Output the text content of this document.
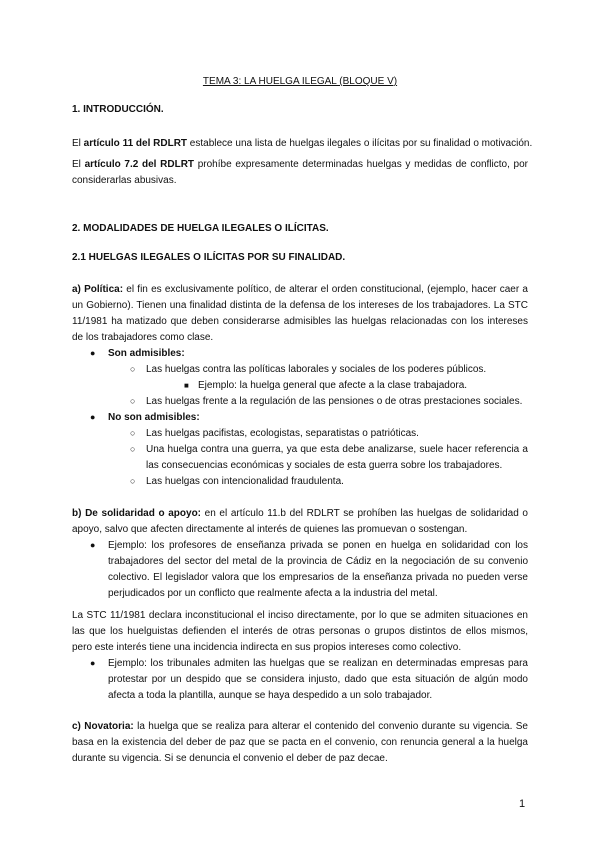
TEMA 3: LA HUELGA ILEGAL (BLOQUE V)
1. INTRODUCCIÓN.
El artículo 11 del RDLRT establece una lista de huelgas ilegales o ilícitas por su finalidad o motivación.
El artículo 7.2 del RDLRT prohíbe expresamente determinadas huelgas y medidas de conflicto, por
considerarlas abusivas.
2. MODALIDADES DE HUELGA ILEGALES O ILÍCITAS.
2.1 HUELGAS ILEGALES O ILÍCITAS POR SU FINALIDAD.
a) Política: el fin es exclusivamente político, de alterar el orden constitucional, (ejemplo, hacer caer a
un Gobierno). Tienen una finalidad distinta de la defensa de los intereses de los trabajadores. La STC
11/1981 ha matizado que deben considerarse admisibles las huelgas relacionadas con los intereses
de los trabajadores como clase.
● Son admisibles:
○ Las huelgas contra las políticas laborales y sociales de los poderes públicos.
■ Ejemplo: la huelga general que afecte a la clase trabajadora.
○ Las huelgas frente a la regulación de las pensiones o de otras prestaciones sociales.
● No son admisibles:
○ Las huelgas pacifistas, ecologistas, separatistas o patrióticas.
○ Una huelga contra una guerra, ya que esta debe analizarse, suele hacer referencia a
las consecuencias económicas y sociales de esta guerra sobre los trabajadores.
○ Las huelgas con intencionalidad fraudulenta.
b) De solidaridad o apoyo: en el artículo 11.b del RDLRT se prohíben las huelgas de solidaridad o
apoyo, salvo que afecten directamente al interés de quienes las promuevan o sostengan.
● Ejemplo: los profesores de enseñanza privada se ponen en huelga en solidaridad con los
trabajadores del sector del metal de la provincia de Cádiz en la negociación de su convenio
colectivo. El legislador valora que los empresarios de la enseñanza privada no pueden verse
perjudicados por un conflicto que realmente afecta a la industria del metal.
La STC 11/1981 declara inconstitucional el inciso directamente, por lo que se admiten situaciones en
las que los huelguistas defienden el interés de otras personas o grupos distintos de ellos mismos,
pero este interés tiene una incidencia indirecta en sus propios intereses como colectivo.
● Ejemplo: los tribunales admiten las huelgas que se realizan en determinadas empresas para
protestar por un despido que se considera injusto, dado que esta situación de algún modo
afecta a toda la plantilla, aunque se haya despedido a un solo trabajador.
c) Novatoria: la huelga que se realiza para alterar el contenido del convenio durante su vigencia. Se
basa en la existencia del deber de paz que se pacta en el convenio, con renuncia general a la huelga
durante su vigencia. Si se denuncia el convenio el deber de paz decae.
1
